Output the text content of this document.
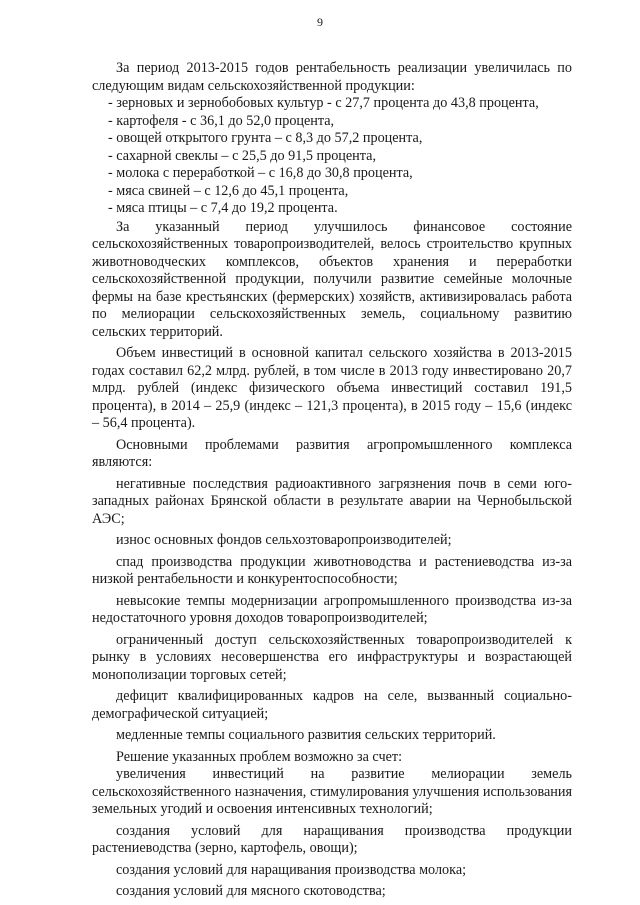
9

За период 2013-2015 годов рентабельность реализации увеличилась по следующим видам сельскохозяйственной продукции:

- зерновых и зернобобовых культур - с 27,7 процента до 43,8 процента,

- картофеля - с 36,1 до 52,0 процента,

- овощей открытого грунта – с 8,3 до 57,2 процента,

- сахарной свеклы – с 25,5 до 91,5 процента,

- молока с переработкой – с 16,8 до 30,8 процента,

- мяса свиней – с 12,6 до 45,1 процента,

- мяса птицы – с 7,4 до 19,2 процента.

За указанный период улучшилось финансовое состояние сельскохозяйственных товаропроизводителей, велось строительство крупных животноводческих комплексов, объектов хранения и переработки сельскохозяйственной продукции, получили развитие семейные молочные фермы на базе крестьянских (фермерских) хозяйств, активизировалась работа по мелиорации сельскохозяйственных земель, социальному развитию сельских территорий.

Объем инвестиций в основной капитал сельского хозяйства в 2013-2015 годах составил 62,2 млрд. рублей, в том числе в 2013 году инвестировано 20,7 млрд. рублей (индекс физического объема инвестиций составил 191,5 процента), в 2014 – 25,9 (индекс – 121,3 процента), в 2015 году – 15,6 (индекс – 56,4 процента).

Основными проблемами развития агропромышленного комплекса являются:

негативные последствия радиоактивного загрязнения почв в семи юго-западных районах Брянской области в результате аварии на Чернобыльской АЭС;

износ основных фондов сельхозтоваропроизводителей;

спад производства продукции животноводства и растениеводства из-за низкой рентабельности и конкурентоспособности;

невысокие темпы модернизации агропромышленного производства из-за недостаточного уровня доходов товаропроизводителей;

ограниченный доступ сельскохозяйственных товаропроизводителей к рынку в условиях несовершенства его инфраструктуры и возрастающей монополизации торговых сетей;

дефицит квалифицированных кадров на селе, вызванный социально-демографической ситуацией;

медленные темпы социального развития сельских территорий.

Решение указанных проблем возможно за счет:

увеличения инвестиций на развитие мелиорации земель сельскохозяйственного назначения, стимулирования улучшения использования земельных угодий и освоения интенсивных технологий;

создания условий для наращивания производства продукции растениеводства (зерно, картофель, овощи);

создания условий для наращивания производства молока;

создания условий для мясного скотоводства;
